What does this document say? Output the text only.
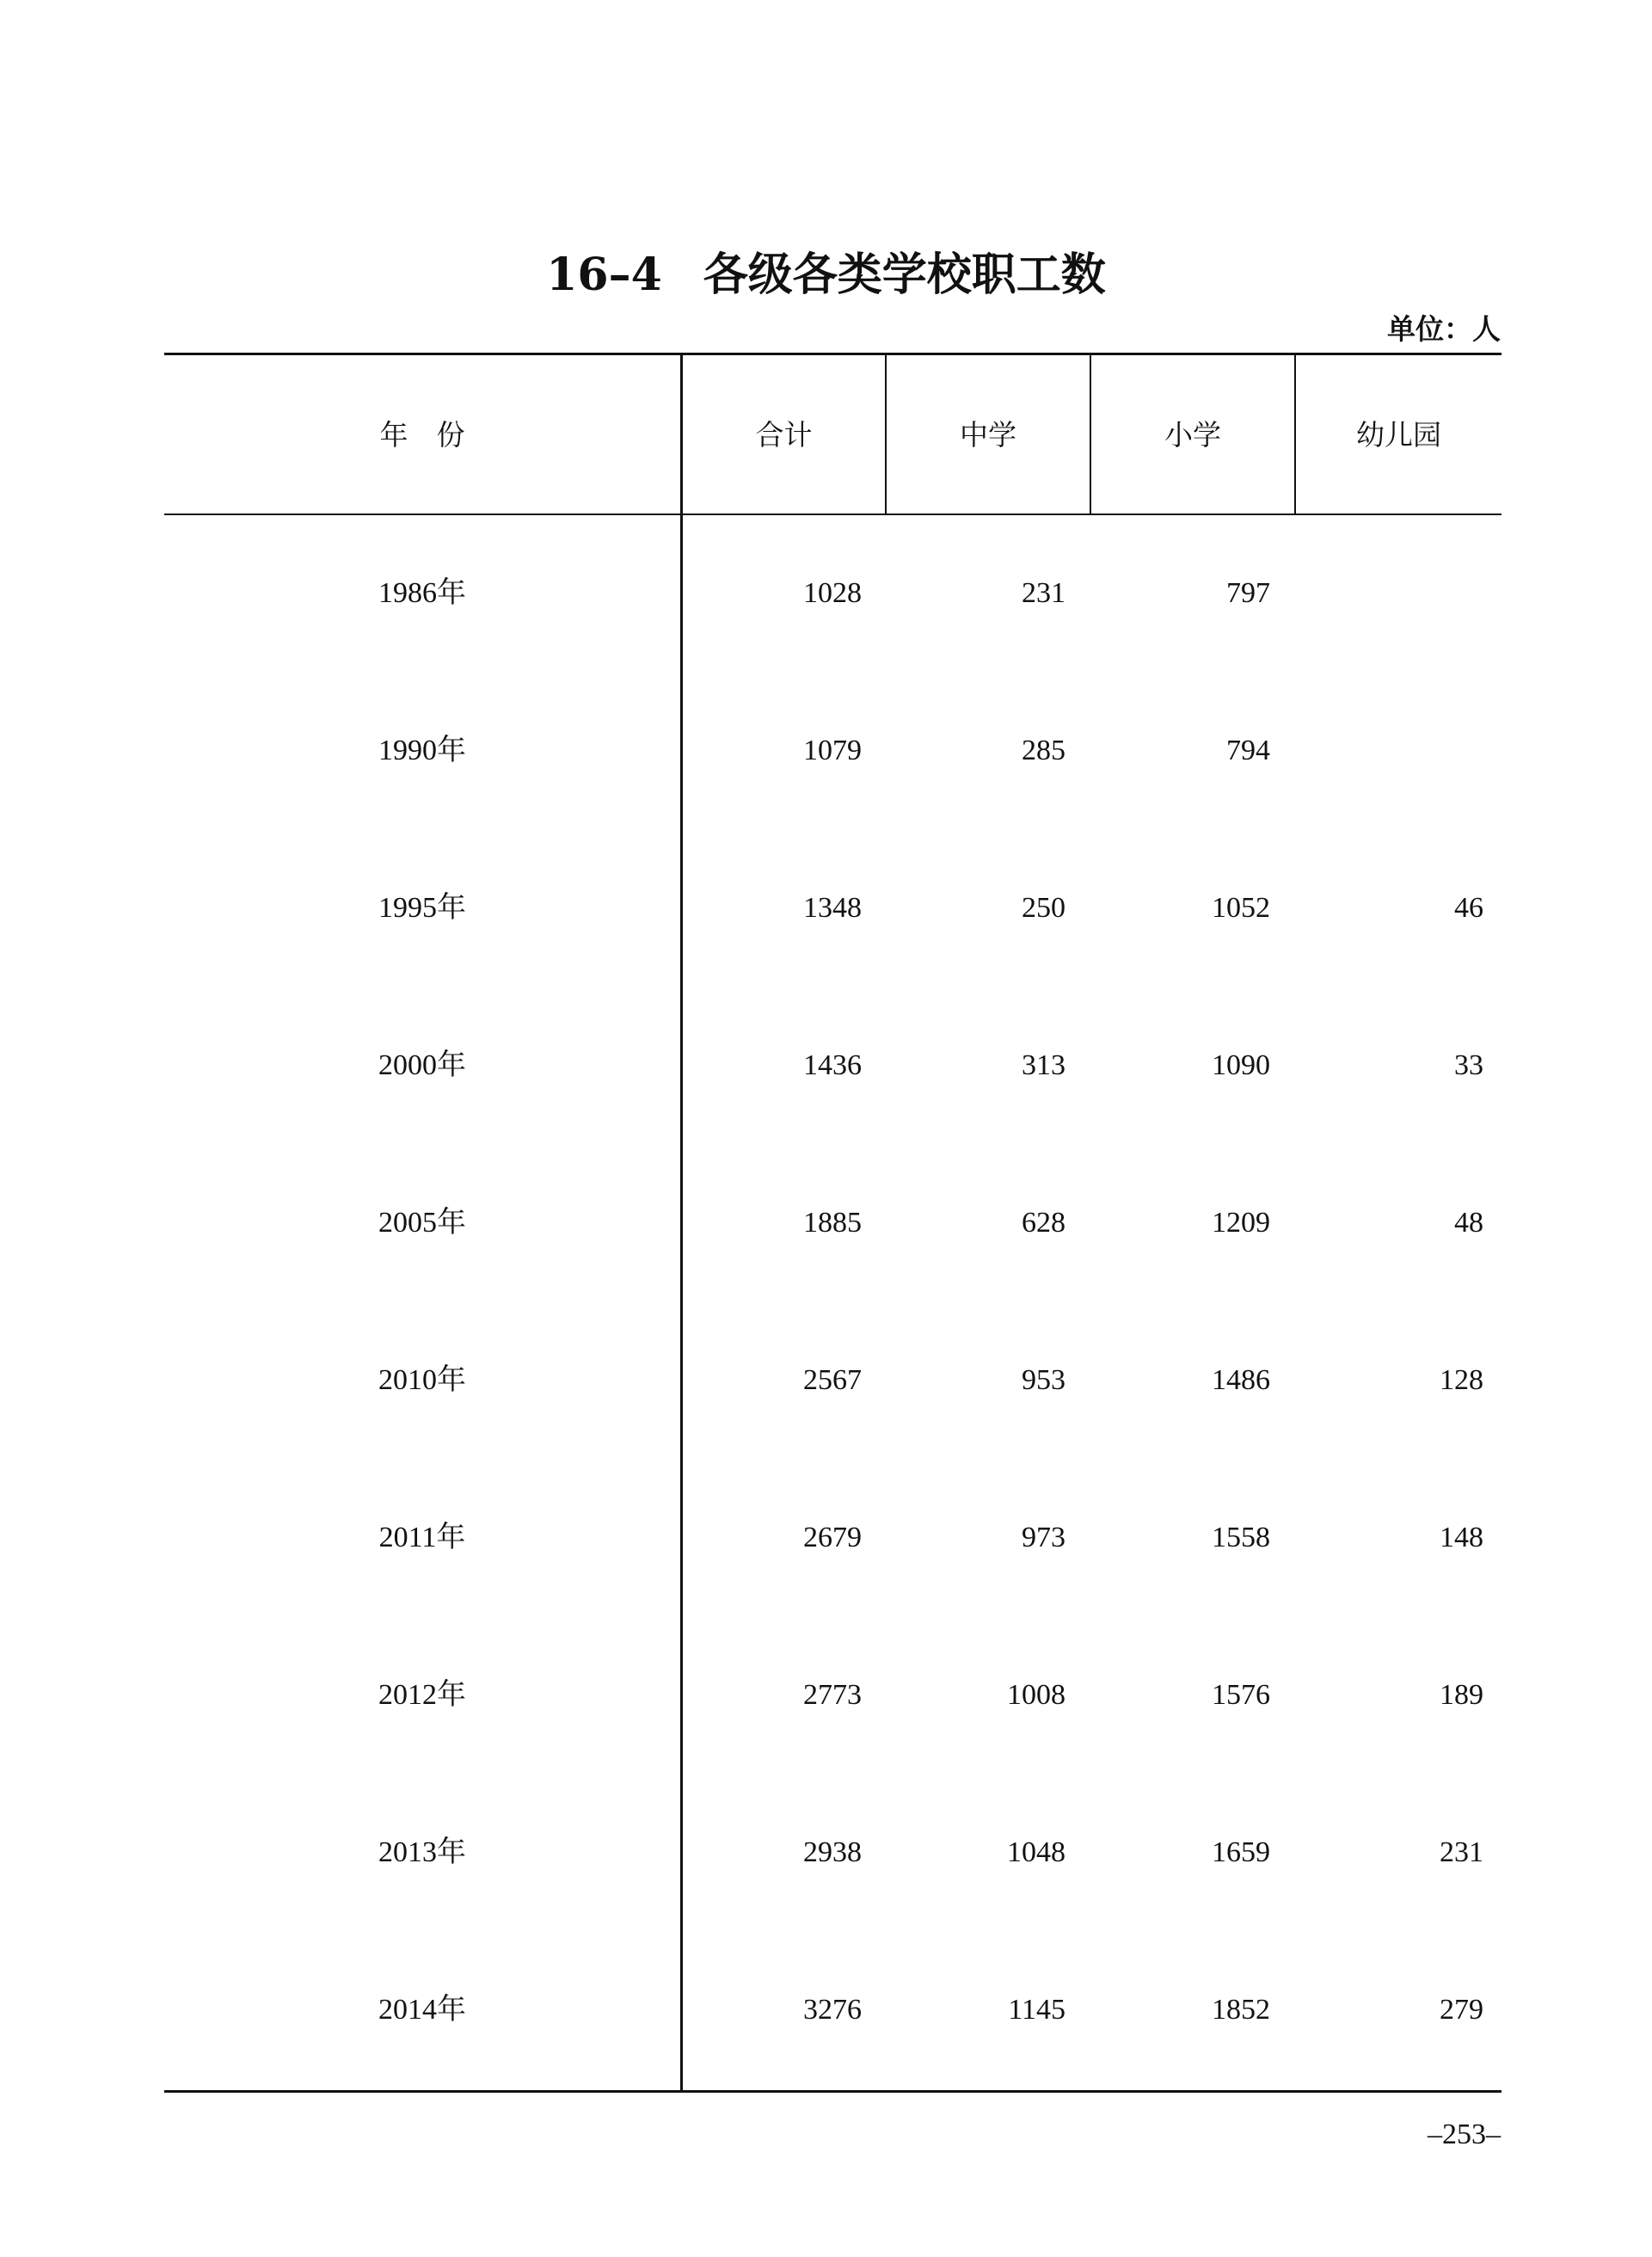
16–4 各级各类学校职工数
单位：人
年　份	合计	中学	小学	幼儿园
1986年	1028	231	797
1990年	1079	285	794
1995年	1348	250	1052	46
2000年	1436	313	1090	33
2005年	1885	628	1209	48
2010年	2567	953	1486	128
2011年	2679	973	1558	148
2012年	2773	1008	1576	189
2013年	2938	1048	1659	231
2014年	3276	1145	1852	279
–253–
